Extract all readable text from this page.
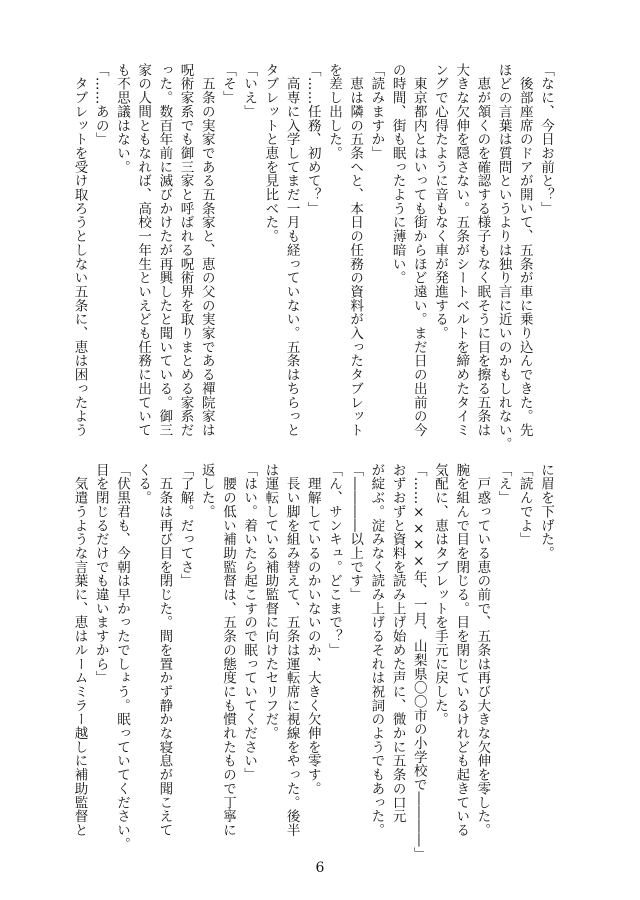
「なに、今日お前と？」
　後部座席のドアが開いて、五条が車に乗り込んできた。先
ほどの言葉は質問というよりは独り言に近いのかもしれない。
　恵が頷くのを確認する様子もなく眠そうに目を擦る五条は
大きな欠伸を隠さない。五条がシートベルトを締めたタイミ
ングで心得たように音もなく車が発進する。
　東京都内とはいっても街からほど遠い。まだ日の出前の今
の時間、街も眠ったように薄暗い。
「読みますか」
　恵は隣の五条へと、本日の任務の資料が入ったタブレット
を差し出した。
「……任務、初めて？」
　高専に入学してまだ一月も経っていない。五条はちらっと
タブレットと恵を見比べた。
「いえ」
「そ」
　五条の実家である五条家と、恵の父の実家である禪院家は
呪術家系でも御三家と呼ばれる呪術界を取りまとめる家系だ
った。数百年前に滅びかけたが再興したと聞いている。御三
家の人間ともなれば、高校一年生といえども任務に出ていて
も不思議はない。
「……あの」
　タブレットを受け取ろうとしない五条に、恵は困ったよう
に眉を下げた。
「読んでよ」
「え」
　戸惑っている恵の前で、五条は再び大きな欠伸を零した。
腕を組んで目を閉じる。目を閉じているけれども起きている
気配に、恵はタブレットを手元に戻した。
「……××××年、一月、山梨県〇〇市の小学校で――――」
おずおずと資料を読み上げ始めた声に、微かに五条の口元
が綻ぶ。淀みなく読み上げるそれは祝詞のようでもあった。
「――――以上です」
「ん、サンキュ。どこまで？」
　理解しているのかいないのか、大きく欠伸を零す。
　長い脚を組み替えて、五条は運転席に視線をやった。後半
は運転している補助監督に向けたセリフだ。
「はい。着いたら起こすので眠っていてください」
　腰の低い補助監督は、五条の態度にも慣れたもので丁寧に
返した。
「了解。だってさ」
　五条は再び目を閉じた。間を置かず静かな寝息が聞こえて
くる。
「伏黒君も、今朝は早かったでしょう。眠っていてください。
目を閉じるだけでも違いますから」
　気遣うような言葉に、恵はルームミラー越しに補助監督と
6
